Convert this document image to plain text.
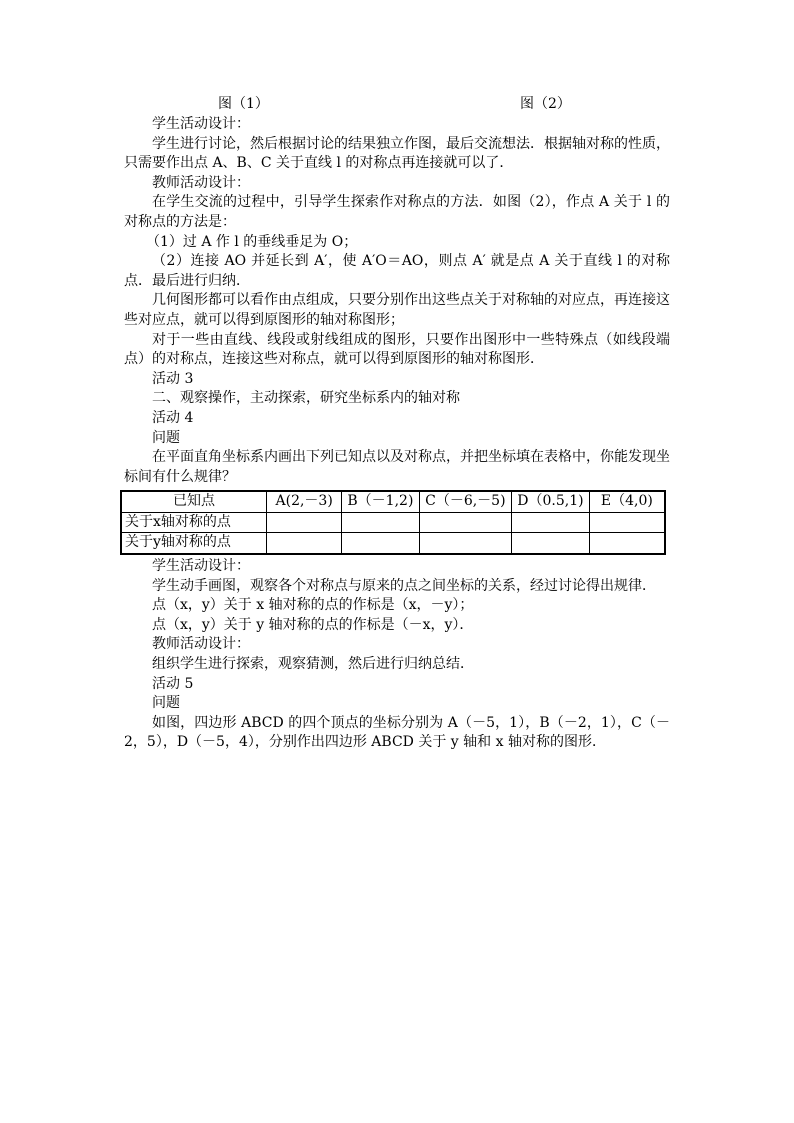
图（1）	图（2）

学生活动设计：

学生进行讨论，然后根据讨论的结果独立作图，最后交流想法．根据轴对称的性质，只需要作出点 A、B、C 关于直线 l 的对称点再连接就可以了．

教师活动设计：

在学生交流的过程中，引导学生探索作对称点的方法．如图（2），作点 A 关于 l 的对称点的方法是：

（1）过 A 作 l 的垂线垂足为 O；

（2）连接 AO 并延长到 A′，使 A′O＝AO，则点 A′ 就是点 A 关于直线 l 的对称点．最后进行归纳．

几何图形都可以看作由点组成，只要分别作出这些点关于对称轴的对应点，再连接这些对应点，就可以得到原图形的轴对称图形；

对于一些由直线、线段或射线组成的图形，只要作出图形中一些特殊点（如线段端点）的对称点，连接这些对称点，就可以得到原图形的轴对称图形．

活动 3

二、观察操作，主动探索，研究坐标系内的轴对称

活动 4

问题

在平面直角坐标系内画出下列已知点以及对称点，并把坐标填在表格中，你能发现坐标间有什么规律？

已知点	A(2,－3)	B（－1,2)	C（－6,－5)	D（0.5,1)	E（4,0)
关于x轴对称的点					
关于y轴对称的点					

学生活动设计：

学生动手画图，观察各个对称点与原来的点之间坐标的关系，经过讨论得出规律．

点（x，y）关于 x 轴对称的点的作标是（x，－y）；

点（x，y）关于 y 轴对称的点的作标是（－x，y）．

教师活动设计：

组织学生进行探索，观察猜测，然后进行归纳总结．

活动 5

问题

如图，四边形 ABCD 的四个顶点的坐标分别为 A（－5，1），B（－2，1），C（－2，5），D（－5，4），分别作出四边形 ABCD 关于 y 轴和 x 轴对称的图形．
